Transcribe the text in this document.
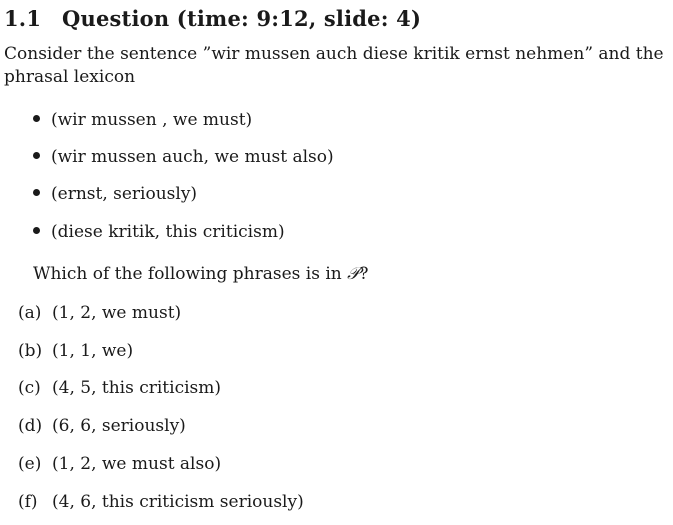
1.1 Question (time: 9:12, slide: 4)
Consider the sentence ”wir mussen auch diese kritik ernst nehmen” and the
phrasal lexicon
(wir mussen , we must)
(wir mussen auch, we must also)
(ernst, seriously)
(diese kritik, this criticism)
Which of the following phrases is in 𝒫?
(a) (1, 2, we must)
(b) (1, 1, we)
(c) (4, 5, this criticism)
(d) (6, 6, seriously)
(e) (1, 2, we must also)
(f) (4, 6, this criticism seriously)
